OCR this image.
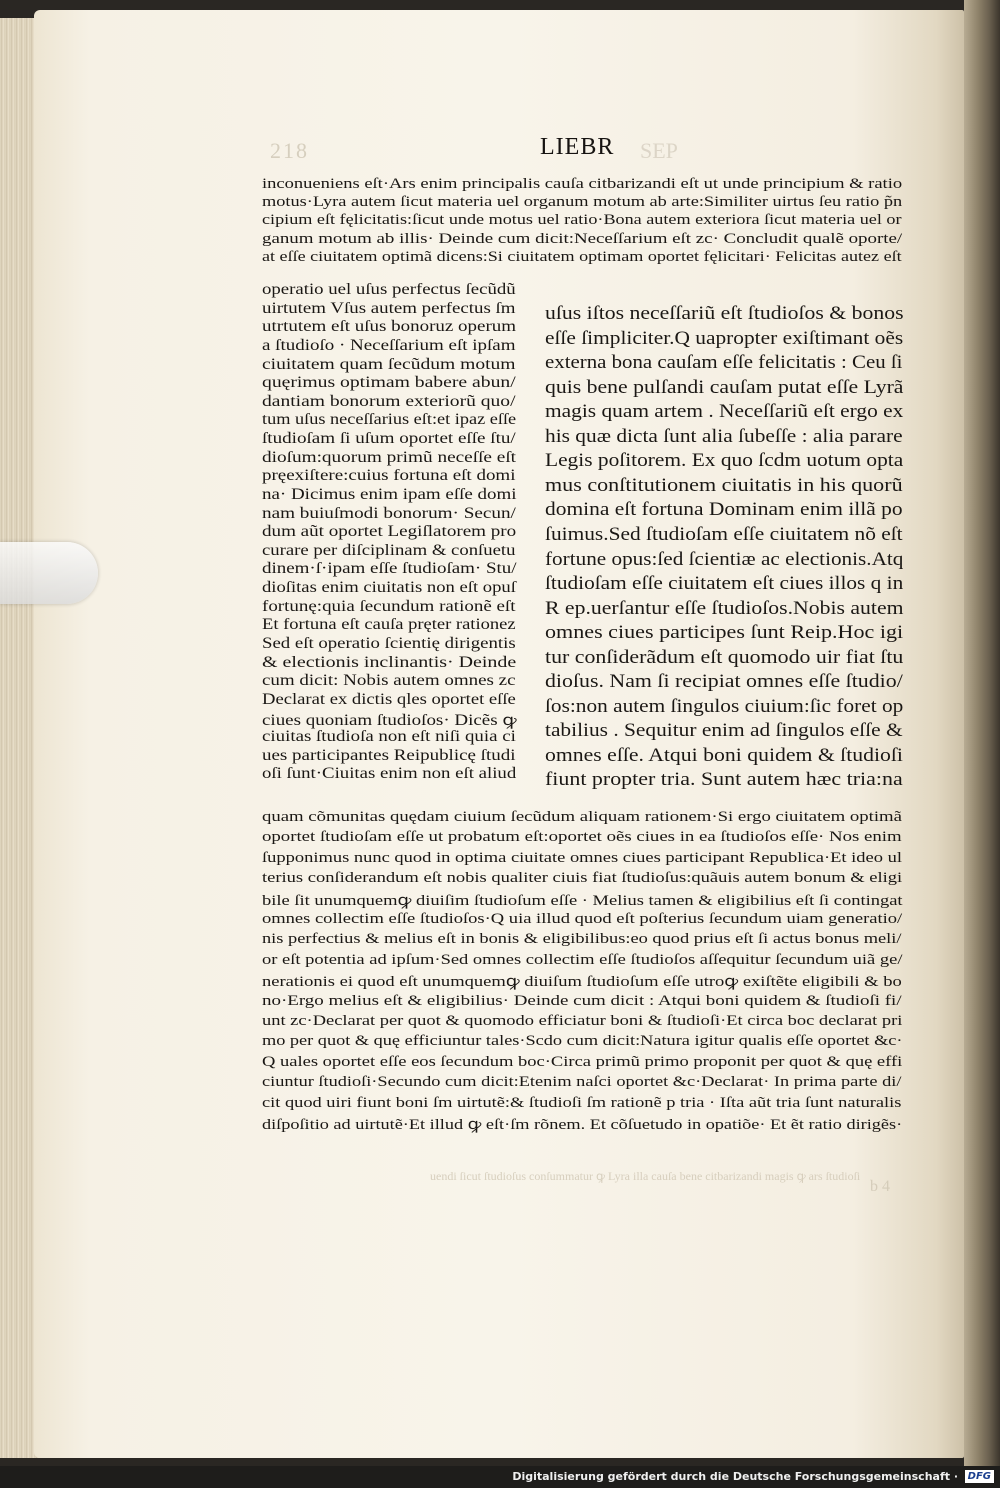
218	SEP
LIEBR

inconueniens eſt·Ars enim principalis cauſa citbarizandi eſt ut unde principium & ratio

motus·Lyra autem ſicut materia uel organum motum ab arte:Similiter uirtus ſeu ratio p̃n

cipium eſt fęlicitatis:ſicut unde motus uel ratio·Bona autem exteriora ſicut materia uel or

ganum motum ab illis· Deinde cum dicit:Neceſſarium eſt zc· Concludit qualẽ oporte/

at eſſe ciuitatem optimã dicens:Si ciuitatem optimam oportet fęlicitari· Felicitas autez eſt

operatio uel uſus perfectus ſecũdũ

uirtutem Vſus autem perfectus ſm

utrtutem eſt uſus bonoruz operum

a ſtudioſo · Neceſſarium eſt ipſam

ciuitatem quam ſecũdum motum

quęrimus optimam babere abun/

dantiam bonorum exteriorũ quo/

tum uſus neceſſarius eſt:et ipaz eſſe

ſtudioſam ſi uſum oportet eſſe ſtu/

dioſum:quorum primũ neceſſe eſt

pręexiſtere:cuius fortuna eſt domi

na· Dicimus enim ipam eſſe domi

nam buiuſmodi bonorum· Secun/

dum aũt oportet Legiſlatorem pro

curare per diſciplinam & conſuetu

dinem·ſ·ipam eſſe ſtudioſam· Stu/

dioſitas enim ciuitatis non eſt opuſ

fortunę:quia ſecundum rationẽ eſt

Et fortuna eſt cauſa pręter rationez

Sed eſt operatio ſcientię dirigentis

& electionis inclinantis· Deinde

cum dicit: Nobis autem omnes zc

Declarat ex dictis qles oportet eſſe

ciues quoniam ſtudioſos· Dicẽs ꝙ

ciuitas ſtudioſa non eſt niſi quia ci

ues participantes Reipublicę ſtudi

oſi ſunt·Ciuitas enim non eſt aliud

uſus iſtos neceſſariũ eſt ſtudioſos & bonos

eſſe ſimpliciter.Q uapropter exiſtimant oẽs

externa bona cauſam eſſe felicitatis : Ceu ſi

quis bene pulſandi cauſam putat eſſe Lyrã

magis quam artem . Neceſſariũ eſt ergo ex

his quæ dicta ſunt alia ſubeſſe : alia parare

Legis poſitorem. Ex quo ſcdm uotum opta

mus conſtitutionem ciuitatis in his quorũ

domina eſt fortuna Dominam enim illã po

ſuimus.Sed ſtudioſam eſſe ciuitatem nõ eſt

fortune opus:ſed ſcientiæ ac electionis.Atq

ſtudioſam eſſe ciuitatem eſt ciues illos q in

R ep.uerſantur eſſe ſtudioſos.Nobis autem

omnes ciues participes ſunt Reip.Hoc igi

tur conſiderãdum eſt quomodo uir fiat ſtu

dioſus. Nam ſi recipiat omnes eſſe ſtudio/

ſos:non autem ſingulos ciuium:ſic foret op

tabilius . Sequitur enim ad ſingulos eſſe &

omnes eſſe. Atqui boni quidem & ſtudioſi

fiunt propter tria. Sunt autem hæc tria:na

quam cõmunitas quędam ciuium ſecũdum aliquam rationem·Si ergo ciuitatem optimã

oportet ſtudioſam eſſe ut probatum eſt:oportet oẽs ciues in ea ſtudioſos eſſe· Nos enim

ſupponimus nunc quod in optima ciuitate omnes ciues participant Republica·Et ideo ul

terius conſiderandum eſt nobis qualiter ciuis fiat ſtudioſus:quãuis autem bonum & eligi

bile ſit unumquemꝙ diuiſim ſtudioſum eſſe · Melius tamen & eligibilius eſt ſi contingat

omnes collectim eſſe ſtudioſos·Q uia illud quod eſt poſterius ſecundum uiam generatio/

nis perfectius & melius eſt in bonis & eligibilibus:eo quod prius eſt ſi actus bonus meli/

or eſt potentia ad ipſum·Sed omnes collectim eſſe ſtudioſos aſſequitur ſecundum uiã ge/

nerationis ei quod eſt unumquemꝙ diuiſum ſtudioſum eſſe utroꝙ exiſtẽte eligibili & bo

no·Ergo melius eſt & eligibilius· Deinde cum dicit : Atqui boni quidem & ſtudioſi fi/

unt zc·Declarat per quot & quomodo efficiatur boni & ſtudioſi·Et circa boc declarat pri

mo per quot & quę efficiuntur tales·Scdo cum dicit:Natura igitur qualis eſſe oportet &c·

Q uales oportet eſſe eos ſecundum boc·Circa primũ primo proponit per quot & quę effi

ciuntur ſtudioſi·Secundo cum dicit:Etenim naſci oportet &c·Declarat· In prima parte di/

cit quod uiri fiunt boni ſm uirtutẽ:& ſtudioſi ſm rationẽ p tria · Iſta aũt tria ſunt naturalis

diſpoſitio ad uirtutẽ·Et illud ꝙ eſt·ſm rõnem. Et cõſuetudo in opatiõe· Et ẽt ratio dirigẽs·

uendi ſicut ſtudioſus conſummatur ꝙ Lyra illa cauſa bene citbarizandi magis ꝙ ars ſtudioſi
b 4
Digitalisierung gefördert durch die Deutsche Forschungsgemeinschaft · DFG
